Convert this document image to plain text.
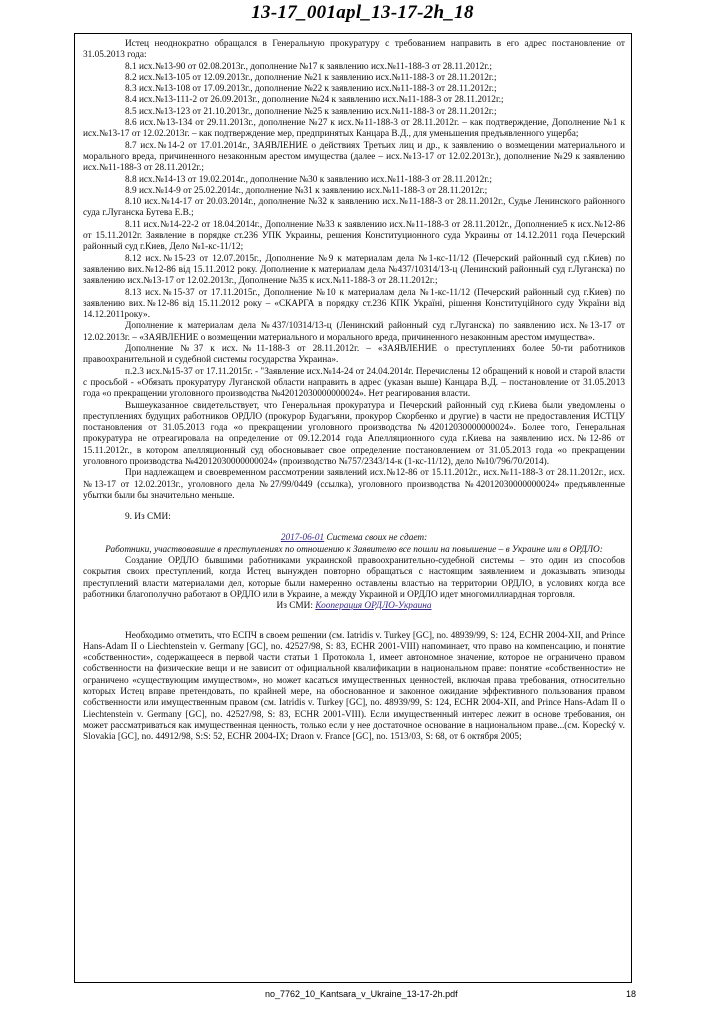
13-17_001apl_13-17-2h_18

Истец неоднократно обращался в Генеральную прокуратуру с требованием направить в его адрес постановление от 31.05.2013 года:

8.1 исх.№13-90 от 02.08.2013г., дополнение №17 к заявлению исх.№11-188-3 от 28.11.2012г.;

8.2 исх.№13-105 от 12.09.2013г., дополнение №21 к заявлению исх.№11-188-3 от 28.11.2012г.;

8.3 исх.№13-108 от 17.09.2013г., дополнение №22 к заявлению исх.№11-188-3 от 28.11.2012г.;

8.4 исх.№13-111-2 от 26.09.2013г., дополнение №24 к заявлению исх.№11-188-3 от 28.11.2012г.;

8.5 исх.№13-123 от 21.10.2013г., дополнение №25 к заявлению исх.№11-188-3 от 28.11.2012г.;

8.6 исх.№13-134 от 29.11.2013г., дополнение №27 к исх.№11-188-3 от 28.11.2012г. – как подтверждение, Дополнение №1 к исх.№13-17 от 12.02.2013г. – как подтверждение мер, предпринятых Канцара В.Д., для уменьшения предъявленного ущерба;

8.7 исх.№14-2 от 17.01.2014г., ЗАЯВЛЕНИЕ о действиях Третьих лиц и др., к заявлению о возмещении материального и морального вреда, причиненного незаконным арестом имущества (далее – исх.№13-17 от 12.02.2013г.), дополнение №29 к заявлению исх.№11-188-3 от 28.11.2012г.;

8.8 исх.№14-13 от 19.02.2014г., дополнение №30 к заявлению исх.№11-188-3 от 28.11.2012г.;

8.9 исх.№14-9 от 25.02.2014г., дополнение №31 к заявлению исх.№11-188-3 от 28.11.2012г.;

8.10 исх.№14-17 от 20.03.2014г., дополнение №32 к заявлению исх.№11-188-3 от 28.11.2012г., Судье Ленинского районного суда г.Луганска Бутева Е.В.;

8.11 исх.№14-22-2 от 18.04.2014г., Дополнение №33 к заявлению исх.№11-188-3 от 28.11.2012г., Дополнение5 к исх.№12-86 от 15.11.2012г. Заявление в порядке ст.236 УПК Украины, решения Конституционного суда Украины от 14.12.2011 года Печерский районный суд г.Киев, Дело №1-кс-11/12;

8.12 исх.№15-23 от 12.07.2015г., Дополнение №9 к материалам дела №1-кс-11/12 (Печерский районный суд г.Киев) по заявлению вих.№12-86 від 15.11.2012 року. Дополнение к материалам дела №437/10314/13-ц (Ленинский районный суд г.Луганска) по заявлению исх.№13-17 от 12.02.2013г., Дополнение №35 к исх.№11-188-3 от 28.11.2012г.;

8.13 исх.№15-37 от 17.11.2015г., Дополнение №10 к материалам дела №1-кс-11/12 (Печерский районный суд г.Киев) по заявлению вих.№12-86 від 15.11.2012 року – «СКАРГА в порядку ст.236 КПК Україні, рішення Конституційного суду України від 14.12.2011року».

Дополнение к материалам дела №437/10314/13-ц (Ленинский районный суд г.Луганска) по заявлению исх.№13-17 от 12.02.2013г. – «ЗАЯВЛЕНИЕ о возмещении материального и морального вреда, причиненного незаконным арестом имущества».

Дополнение №37 к исх.№11-188-3 от 28.11.2012г. – «ЗАЯВЛЕНИЕ о преступлениях более 50-ти работников правоохранительной и судебной системы государства Украина».

п.2.3 исх.№15-37 от 17.11.2015г. - "Заявление исх.№14-24 от 24.04.2014г. Перечислены 12 обращений к новой и старой власти с просьбой - «Обязать прокуратуру Луганской области направить в адрес (указан выше) Канцара В.Д. – постановление от 31.05.2013 года «о прекращении уголовного производства №42012030000000024». Нет реагирования власти.

Вышеуказанное свидетельствует, что Генеральная прокуратура и Печерский районный суд г.Киева были уведомлены о преступлениях будущих работников ОРДЛО (прокурор Будагъяни, прокурор Скорбенко и другие) в части не предоставления ИСТЦУ постановления от 31.05.2013 года «о прекращении уголовного производства №42012030000000024». Более того, Генеральная прокуратура не отреагировала на определение от 09.12.2014 года Апелляционного суда г.Киева на заявлению исх.№12-86 от 15.11.2012г., в котором апелляционный суд обосновывает свое определение постановлением от 31.05.2013 года «о прекращении уголовного производства №42012030000000024» (производство №757/2343/14-к (1-кс-11/12), дело №10/796/70/2014).

При надлежащем и своевременном рассмотрении заявлений исх.№12-86 от 15.11.2012г., исх.№11-188-3 от 28.11.2012г., исх.№13-17 от 12.02.2013г., уголовного дела №27/99/0449 (ссылка), уголовного производства №42012030000000024» предъявленные убытки были бы значительно меньше.

9. Из СМИ:

2017-06-01 Система своих не сдает:

Работники, участвовавшие в преступлениях по отношению к Заявителю все пошли на повышение – в Украине или в ОРДЛО:

Создание ОРДЛО бывшими работниками украинской правоохранительно-судебной системы – это один из способов сокрытия своих преступлений, когда Истец вынужден повторно обращаться с настоящим заявлением и доказывать эпизоды преступлений власти материалами дел, которые были намеренно оставлены властью на территории ОРДЛО, в условиях когда все работники благополучно работают в ОРДЛО или в Украине, а между Украиной и ОРДЛО идет многомиллиардная торговля.

Из СМИ: Кооперация ОРДЛО-Украина

Необходимо отметить, что ЕСПЧ в своем решении (см. Iatridis v. Turkey [GC], no. 48939/99, S: 124, ECHR 2004-XII, and Prince Hans-Adam II o Liechtenstein v. Germany [GC], no. 42527/98, S: 83, ECHR 2001-VIII) напоминает, что право на компенсацию, и понятие «собственности», содержащееся в первой части статьи 1 Протокола 1, имеет автономное значение, которое не ограничено правом собственности на физические вещи и не зависит от официальной квалификации в национальном праве: понятие «собственности» не ограничено «существующим имуществом», но может касаться имущественных ценностей, включая права требования, относительно которых Истец вправе претендовать, по крайней мере, на обоснованное и законное ожидание эффективного пользования правом собственности или имущественным правом (см. Iatridis v. Turkey [GC], no. 48939/99, S: 124, ECHR 2004-XII, and Prince Hans-Adam II o Liechtenstein v. Germany [GC], no. 42527/98, S: 83, ECHR 2001-VIII). Если имущественный интерес лежит в основе требования, он может рассматриваться как имущественная ценность, только если у нее достаточное основание в национальном праве...(см. Kopecký v. Slovakia [GC], no. 44912/98, S:S: 52, ECHR 2004-IX; Draon v. France [GC], no. 1513/03, S: 68, от 6 октября 2005;

no_7762_10_Kantsara_v_Ukraine_13-17-2h.pdf	18
